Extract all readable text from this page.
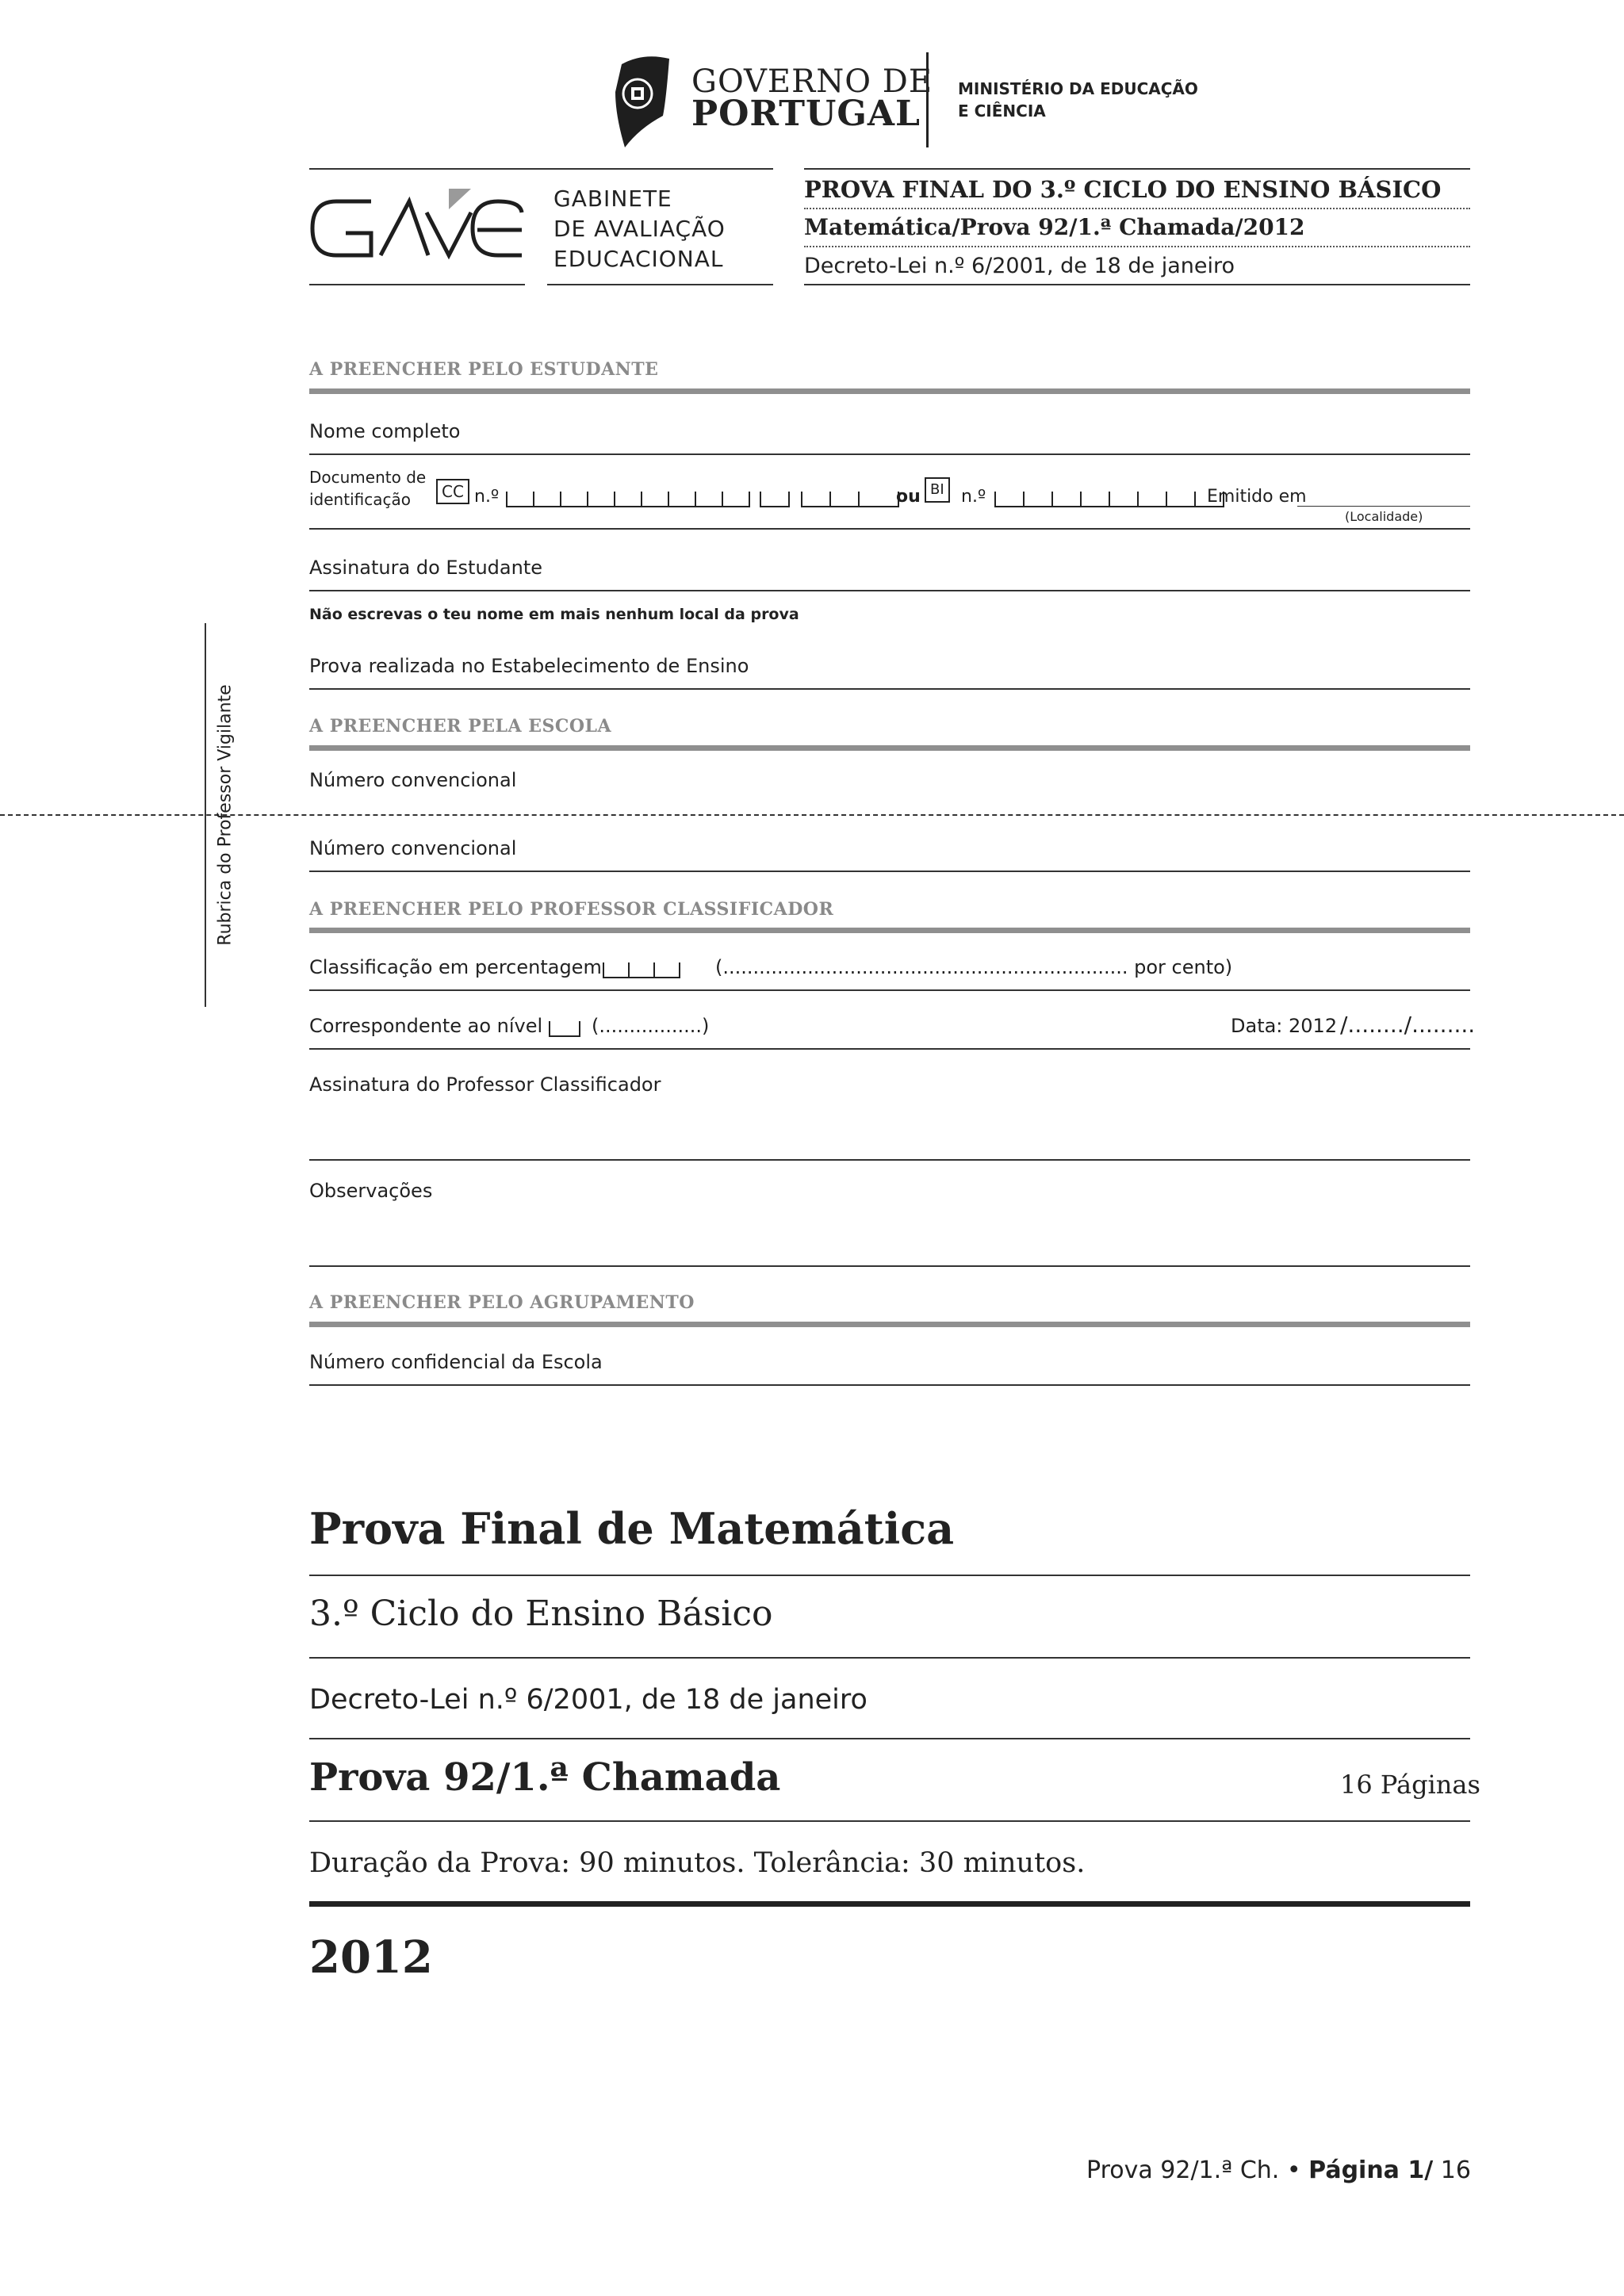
GOVERNO DE
PORTUGAL
MINISTÉRIO DA EDUCAÇÃO
E CIÊNCIA
GABINETE
DE AVALIAÇÃO
EDUCACIONAL
PROVA FINAL DO 3.º CICLO DO ENSINO BÁSICO
Matemática/Prova 92/1.ª Chamada/2012
Decreto-Lei n.º 6/2001, de 18 de janeiro
A PREENCHER PELO ESTUDANTE
Nome completo
Documento de
identificação	CC n.º	ou BI n.º	Emitido em
(Localidade)
Assinatura do Estudante
Não escrevas o teu nome em mais nenhum local da prova
Prova realizada no Estabelecimento de Ensino
A PREENCHER PELA ESCOLA
Número convencional
Rubrica do Professor Vigilante	Número convencional
A PREENCHER PELO PROFESSOR CLASSIFICADOR
Classificação em percentagem	(................................................................... por cento)
Correspondente ao nível	(.................)	Data: 2012 /......../.........
Assinatura do Professor Classificador
Observações
A PREENCHER PELO AGRUPAMENTO
Número confidencial da Escola
Prova Final de Matemática
3.º Ciclo do Ensino Básico
Decreto-Lei n.º 6/2001, de 18 de janeiro
Prova 92/1.ª Chamada	16 Páginas
Duração da Prova: 90 minutos. Tolerância: 30 minutos.
2012
Prova 92/1.ª Ch. • Página 1/ 16
